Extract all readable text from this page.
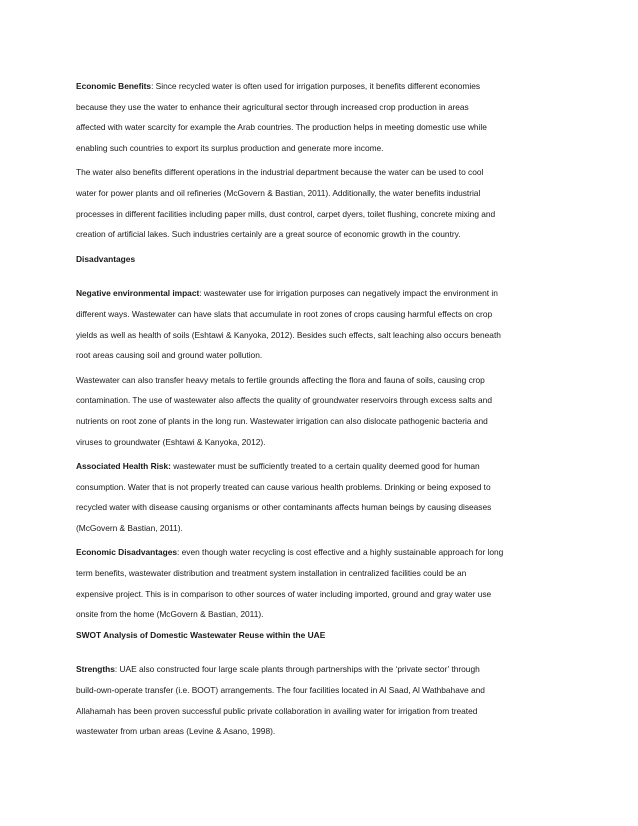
Economic Benefits: Since recycled water is often used for irrigation purposes, it benefits different economies
because they use the water to enhance their agricultural sector through increased crop production in areas
affected with water scarcity for example the Arab countries. The production helps in meeting domestic use while
enabling such countries to export its surplus production and generate more income.

The water also benefits different operations in the industrial department because the water can be used to cool
water for power plants and oil refineries (McGovern & Bastian, 2011). Additionally, the water benefits industrial
processes in different facilities including paper mills, dust control, carpet dyers, toilet flushing, concrete mixing and
creation of artificial lakes. Such industries certainly are a great source of economic growth in the country.

Disadvantages

Negative environmental impact: wastewater use for irrigation purposes can negatively impact the environment in
different ways. Wastewater can have slats that accumulate in root zones of crops causing harmful effects on crop
yields as well as health of soils (Eshtawi & Kanyoka, 2012). Besides such effects, salt leaching also occurs beneath
root areas causing soil and ground water pollution.

Wastewater can also transfer heavy metals to fertile grounds affecting the flora and fauna of soils, causing crop
contamination. The use of wastewater also affects the quality of groundwater reservoirs through excess salts and
nutrients on root zone of plants in the long run. Wastewater irrigation can also dislocate pathogenic bacteria and
viruses to groundwater (Eshtawi & Kanyoka, 2012).

Associated Health Risk: wastewater must be sufficiently treated to a certain quality deemed good for human
consumption. Water that is not properly treated can cause various health problems. Drinking or being exposed to
recycled water with disease causing organisms or other contaminants affects human beings by causing diseases
(McGovern & Bastian, 2011).

Economic Disadvantages: even though water recycling is cost effective and a highly sustainable approach for long
term benefits, wastewater distribution and treatment system installation in centralized facilities could be an
expensive project. This is in comparison to other sources of water including imported, ground and gray water use
onsite from the home (McGovern & Bastian, 2011).

SWOT Analysis of Domestic Wastewater Reuse within the UAE

Strengths: UAE also constructed four large scale plants through partnerships with the ‘private sector’ through
build-own-operate transfer (i.e. BOOT) arrangements. The four facilities located in Al Saad, Al Wathbahave and
Allahamah has been proven successful public private collaboration in availing water for irrigation from treated
wastewater from urban areas (Levine & Asano, 1998).
